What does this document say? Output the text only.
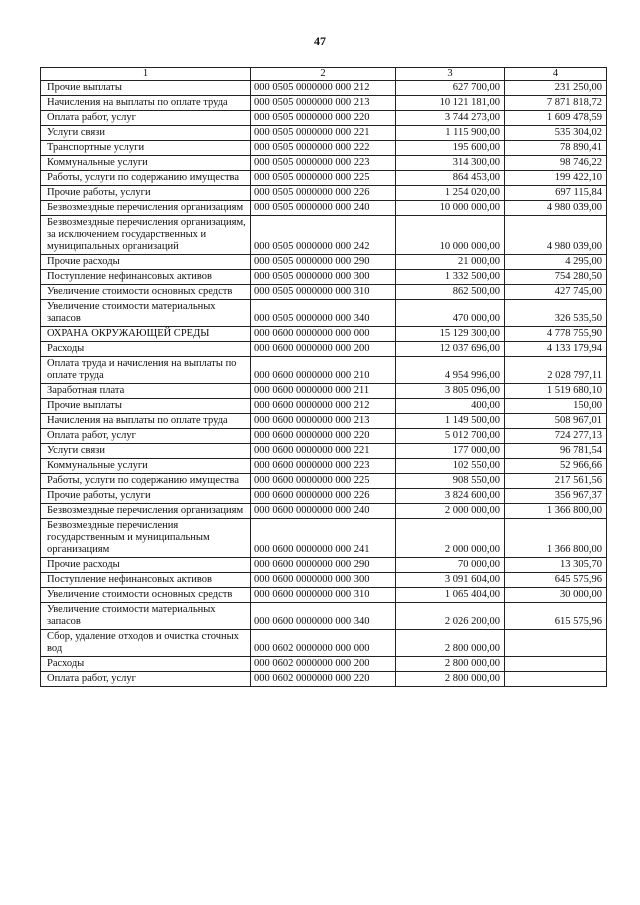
47
1	2	3	4
Прочие выплаты	000 0505 0000000 000 212	627 700,00	231 250,00
Начисления на выплаты по оплате труда	000 0505 0000000 000 213	10 121 181,00	7 871 818,72
Оплата работ, услуг	000 0505 0000000 000 220	3 744 273,00	1 609 478,59
Услуги связи	000 0505 0000000 000 221	1 115 900,00	535 304,02
Транспортные услуги	000 0505 0000000 000 222	195 600,00	78 890,41
Коммунальные услуги	000 0505 0000000 000 223	314 300,00	98 746,22
Работы, услуги по содержанию имущества	000 0505 0000000 000 225	864 453,00	199 422,10
Прочие работы, услуги	000 0505 0000000 000 226	1 254 020,00	697 115,84
Безвозмездные перечисления организациям	000 0505 0000000 000 240	10 000 000,00	4 980 039,00
Безвозмездные перечисления организациям, за исключением государственных и муниципальных организаций	000 0505 0000000 000 242	10 000 000,00	4 980 039,00
Прочие расходы	000 0505 0000000 000 290	21 000,00	4 295,00
Поступление нефинансовых активов	000 0505 0000000 000 300	1 332 500,00	754 280,50
Увеличение стоимости основных средств	000 0505 0000000 000 310	862 500,00	427 745,00
Увеличение стоимости материальных запасов	000 0505 0000000 000 340	470 000,00	326 535,50
ОХРАНА ОКРУЖАЮЩЕЙ СРЕДЫ	000 0600 0000000 000 000	15 129 300,00	4 778 755,90
Расходы	000 0600 0000000 000 200	12 037 696,00	4 133 179,94
Оплата труда и начисления на выплаты по оплате труда	000 0600 0000000 000 210	4 954 996,00	2 028 797,11
Заработная плата	000 0600 0000000 000 211	3 805 096,00	1 519 680,10
Прочие выплаты	000 0600 0000000 000 212	400,00	150,00
Начисления на выплаты по оплате труда	000 0600 0000000 000 213	1 149 500,00	508 967,01
Оплата работ, услуг	000 0600 0000000 000 220	5 012 700,00	724 277,13
Услуги связи	000 0600 0000000 000 221	177 000,00	96 781,54
Коммунальные услуги	000 0600 0000000 000 223	102 550,00	52 966,66
Работы, услуги по содержанию имущества	000 0600 0000000 000 225	908 550,00	217 561,56
Прочие работы, услуги	000 0600 0000000 000 226	3 824 600,00	356 967,37
Безвозмездные перечисления организациям	000 0600 0000000 000 240	2 000 000,00	1 366 800,00
Безвозмездные перечисления государственным и муниципальным организациям	000 0600 0000000 000 241	2 000 000,00	1 366 800,00
Прочие расходы	000 0600 0000000 000 290	70 000,00	13 305,70
Поступление нефинансовых активов	000 0600 0000000 000 300	3 091 604,00	645 575,96
Увеличение стоимости основных средств	000 0600 0000000 000 310	1 065 404,00	30 000,00
Увеличение стоимости материальных запасов	000 0600 0000000 000 340	2 026 200,00	615 575,96
Сбор, удаление отходов и очистка сточных вод	000 0602 0000000 000 000	2 800 000,00	
Расходы	000 0602 0000000 000 200	2 800 000,00	
Оплата работ, услуг	000 0602 0000000 000 220	2 800 000,00	
